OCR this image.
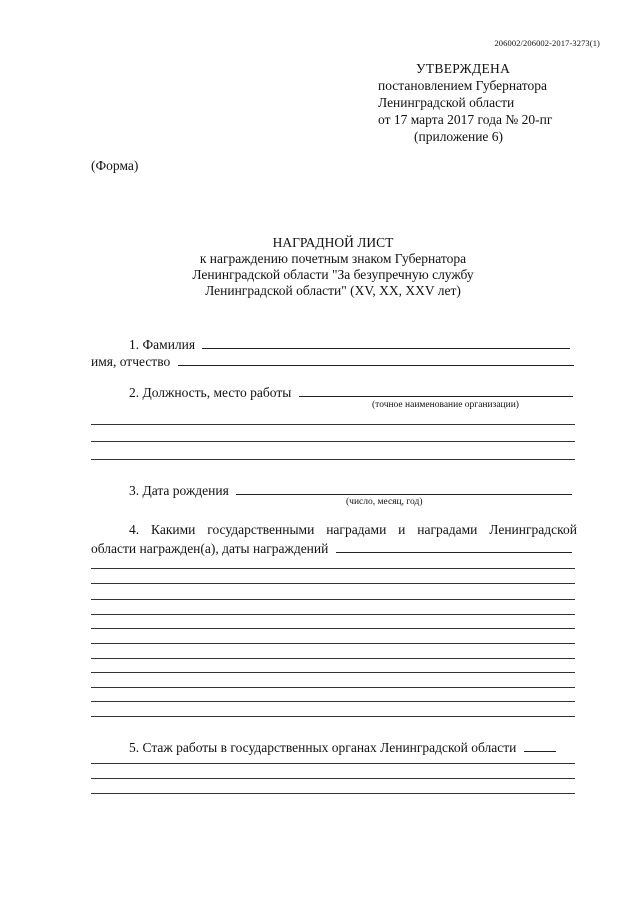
206002/206002-2017-3273(1)
УТВЕРЖДЕНА
постановлением Губернатора
Ленинградской области
от 17 марта 2017 года № 20-пг
(приложение 6)
(Форма)
НАГРАДНОЙ ЛИСТ
к награждению почетным знаком Губернатора
Ленинградской области "За безупречную службу
Ленинградской области" (XV, XX, XXV лет)
1. Фамилия
имя, отчество
2. Должность, место работы
(точное наименование организации)
3. Дата рождения
(число, месяц, год)
4. Какими государственными наградами и наградами Ленинградской
области награжден(а), даты награждений
5. Стаж работы в государственных органах Ленинградской области
